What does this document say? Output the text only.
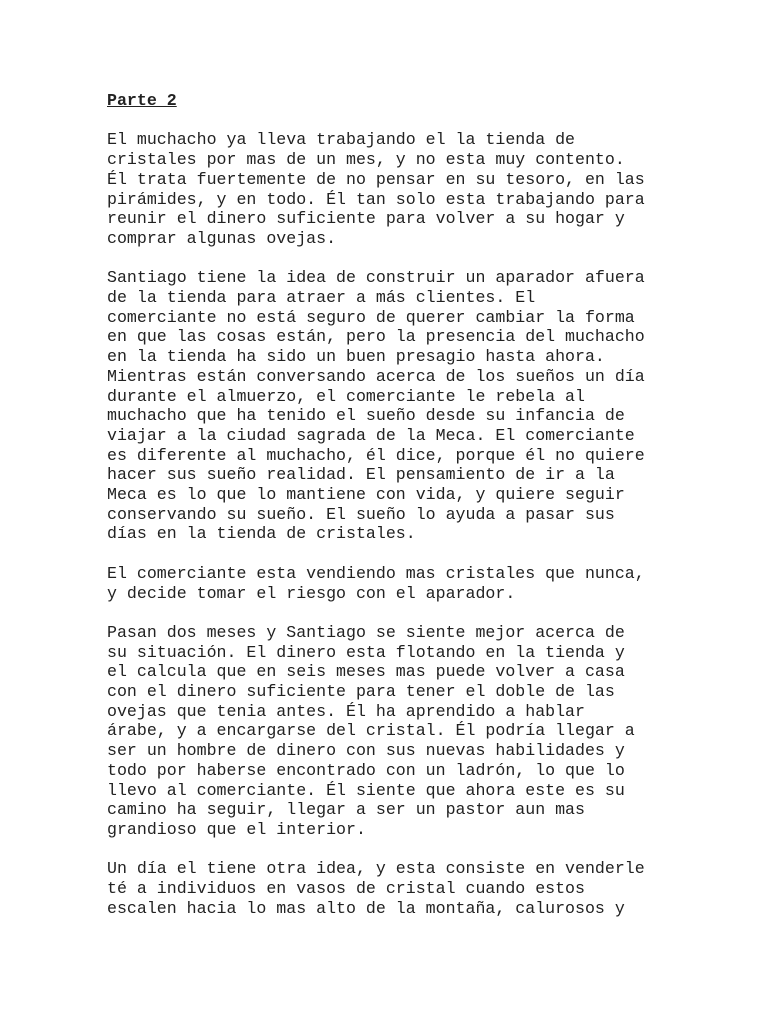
Parte 2
El muchacho ya lleva trabajando el la tienda de
cristales por mas de un mes, y no esta muy contento.
Él trata fuertemente de no pensar en su tesoro, en las
pirámides, y en todo. Él tan solo esta trabajando para
reunir el dinero suficiente para volver a su hogar y
comprar algunas ovejas.
Santiago tiene la idea de construir un aparador afuera
de la tienda para atraer a más clientes. El
comerciante no está seguro de querer cambiar la forma
en que las cosas están, pero la presencia del muchacho
en la tienda ha sido un buen presagio hasta ahora.
Mientras están conversando acerca de los sueños un día
durante el almuerzo, el comerciante le rebela al
muchacho que ha tenido el sueño desde su infancia de
viajar a la ciudad sagrada de la Meca. El comerciante
es diferente al muchacho, él dice, porque él no quiere
hacer sus sueño realidad. El pensamiento de ir a la
Meca es lo que lo mantiene con vida, y quiere seguir
conservando su sueño. El sueño lo ayuda a pasar sus
días en la tienda de cristales.
El comerciante esta vendiendo mas cristales que nunca,
y decide tomar el riesgo con el aparador.
Pasan dos meses y Santiago se siente mejor acerca de
su situación. El dinero esta flotando en la tienda y
el calcula que en seis meses mas puede volver a casa
con el dinero suficiente para tener el doble de las
ovejas que tenia antes. Él ha aprendido a hablar
árabe, y a encargarse del cristal. Él podría llegar a
ser un hombre de dinero con sus nuevas habilidades y
todo por haberse encontrado con un ladrón, lo que lo
llevo al comerciante. Él siente que ahora este es su
camino ha seguir, llegar a ser un pastor aun mas
grandioso que el interior.
Un día el tiene otra idea, y esta consiste en venderle
té a individuos en vasos de cristal cuando estos
escalen hacia lo mas alto de la montaña, calurosos y
